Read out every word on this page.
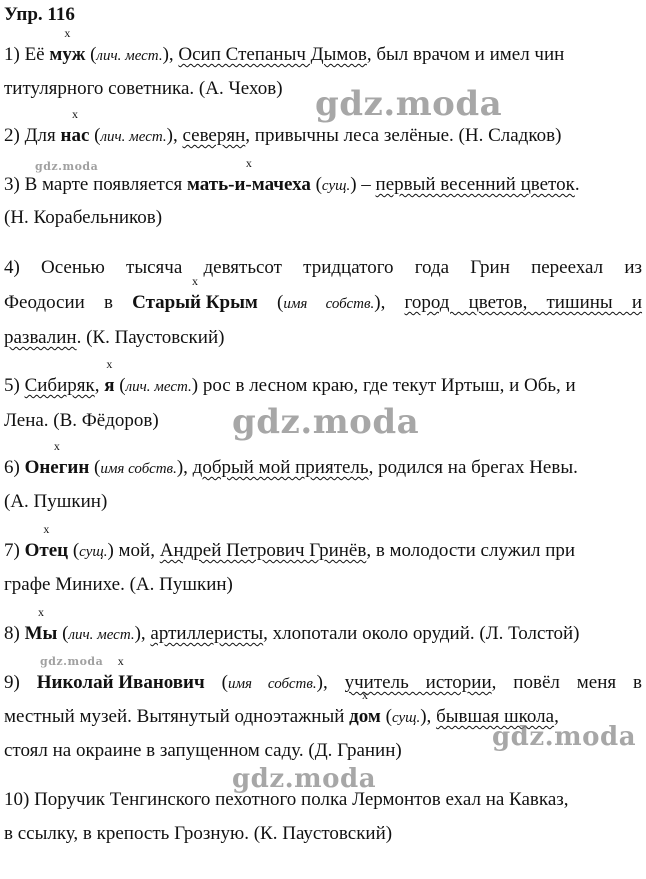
Упр. 116
1) Её x муж (лич. мест.), Осип Степаныч Дымов, был врачом и имел чин
титулярного советника. (А. Чехов)
2) Для x нас (лич. мест.), северян, привычны леса зелёные. (Н. Сладков)
3) В марте появляется x мать-и-мачеха (сущ.) – первый весенний цветок.
(Н. Корабельников)
4) Осенью тысяча девятьсот тридцатого года Грин переехал из
Феодосии в x Старый Крым (имя собств.), город цветов, тишины и
развалин. (К. Паустовский)
5) Сибиряк, x я (лич. мест.) рос в лесном краю, где текут Иртыш, и Обь, и
Лена. (В. Фёдоров)
6) x Онегин (имя собств.), добрый мой приятель, родился на брегах Невы.
(А. Пушкин)
7) x Отец (сущ.) мой, Андрей Петрович Гринёв, в молодости служил при
графе Минихе. (А. Пушкин)
8) x Мы (лич. мест.), артиллеристы, хлопотали около орудий. (Л. Толстой)
9) x Николай Иванович (имя собств.), учитель истории, повёл меня в
местный музей. Вытянутый одноэтажный x дом (сущ.), бывшая школа,
стоял на окраине в запущенном саду. (Д. Гранин)
10) Поручик Тенгинского пехотного полка Лермонтов ехал на Кавказ,
в ссылку, в крепость Грозную. (К. Паустовский)
gdz.moda
gdz.moda
gdz.moda
gdz.moda
gdz.moda
gdz.moda
